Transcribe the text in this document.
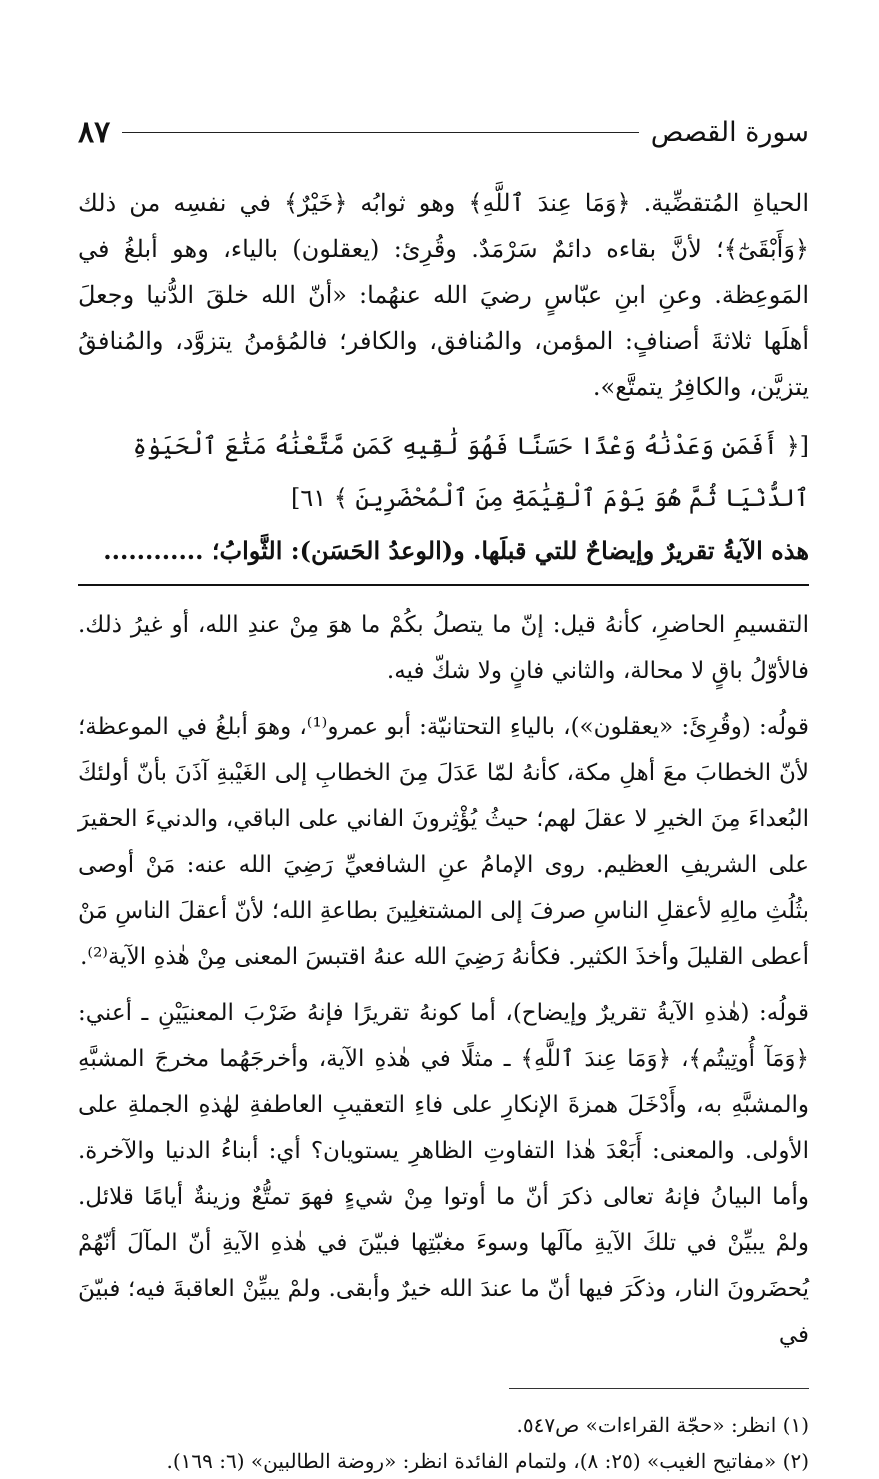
سورة القصص
٨٧

الحياةِ المُتقضِّية. ﴿وَمَا عِندَ ٱللَّهِ﴾ وهو ثوابُه ﴿خَيْرٌ﴾ في نفسِه من ذلك ﴿وَأَبْقَىٰٓ﴾؛ لأنَّ بقاءه دائمٌ سَرْمَدٌ. وقُرِئ: (يعقلون) بالياء، وهو أبلغُ في المَوعِظة. وعنِ ابنِ عبّاسٍ رضيَ الله عنهُما: «أنّ الله خلقَ الدُّنيا وجعلَ أهلَها ثلاثةَ أصنافٍ: المؤمن، والمُنافق، والكافر؛ فالمُؤمنُ يتزوَّد، والمُنافقُ يتزيَّن، والكافِرُ يتمتَّع».

[﴿ أَفَمَن وَعَدْنَٰهُ وَعْدًا حَسَنًا فَهُوَ لَٰقِيهِ كَمَن مَّتَّعْنَٰهُ مَتَٰعَ ٱلْحَيَوٰةِ ٱلدُّنْيَا ثُمَّ هُوَ يَوْمَ ٱلْقِيَٰمَةِ مِنَ ٱلْمُحْضَرِينَ ﴾ ٦١]

هذه الآيةُ تقريرٌ وإيضاحٌ للتي قبلَها. و(الوعدُ الحَسَن): الثَّوابُ؛ ............

التقسيمِ الحاضرِ، كأنهُ قيل: إنّ ما يتصلُ بكُمْ ما هوَ مِنْ عندِ الله، أو غيرُ ذلك. فالأوّلُ باقٍ لا محالة، والثاني فانٍ ولا شكّ فيه.

قولُه: (وقُرِئَ: «يعقلون»)، بالياءِ التحتانيّة: أبو عمرو⁽¹⁾، وهوَ أبلغُ في الموعظة؛ لأنّ الخطابَ معَ أهلِ مكة، كأنهُ لمّا عَدَلَ مِنَ الخطابِ إلى الغَيْبةِ آذَنَ بأنّ أولئكَ البُعداءَ مِنَ الخيرِ لا عقلَ لهم؛ حيثُ يُؤْثِرونَ الفاني على الباقي، والدنيءَ الحقيرَ على الشريفِ العظيم. روى الإمامُ عنِ الشافعيِّ رَضِيَ الله عنه: مَنْ أوصى بثُلُثِ مالِهِ لأعقلِ الناسِ صرفَ إلى المشتغلِينَ بطاعةِ الله؛ لأنّ أعقلَ الناسِ مَنْ أعطى القليلَ وأخذَ الكثير. فكأنهُ رَضِيَ الله عنهُ اقتبسَ المعنى مِنْ هٰذهِ الآية⁽²⁾.

قولُه: (هٰذهِ الآيةُ تقريرٌ وإيضاح)، أما كونهُ تقريرًا فإنهُ ضَرْبَ المعنيَيْنِ ـ أعني: ﴿وَمَآ أُوتِيتُم﴾، ﴿وَمَا عِندَ ٱللَّهِ﴾ ـ مثلًا في هٰذهِ الآية، وأخرجَهُما مخرجَ المشبَّهِ والمشبَّهِ به، وأَدْخَلَ همزةَ الإنكارِ على فاءِ التعقيبِ العاطفةِ لهٰذهِ الجملةِ على الأولى. والمعنى: أَبَعْدَ هٰذا التفاوتِ الظاهرِ يستويان؟ أي: أبناءُ الدنيا والآخرة. وأما البيانُ فإنهُ تعالى ذكرَ أنّ ما أوتوا مِنْ شيءٍ فهوَ تمتُّعٌ وزينةٌ أيامًا قلائل. ولمْ يبيِّنْ في تلكَ الآيةِ مآلَها وسوءَ مغبّتِها فبيّنَ في هٰذهِ الآيةِ أنّ المآلَ أنّهُمْ يُحضَرونَ النار، وذكَرَ فيها أنّ ما عندَ الله خيرٌ وأبقى. ولمْ يبيِّنْ العاقبةَ فيه؛ فبيّنَ في

(١) انظر: «حجّة القراءات» ص٥٤٧.
(٢) «مفاتيح الغيب» (٢٥: ٨)، ولتمام الفائدة انظر: «روضة الطالبين» (٦: ١٦٩).
